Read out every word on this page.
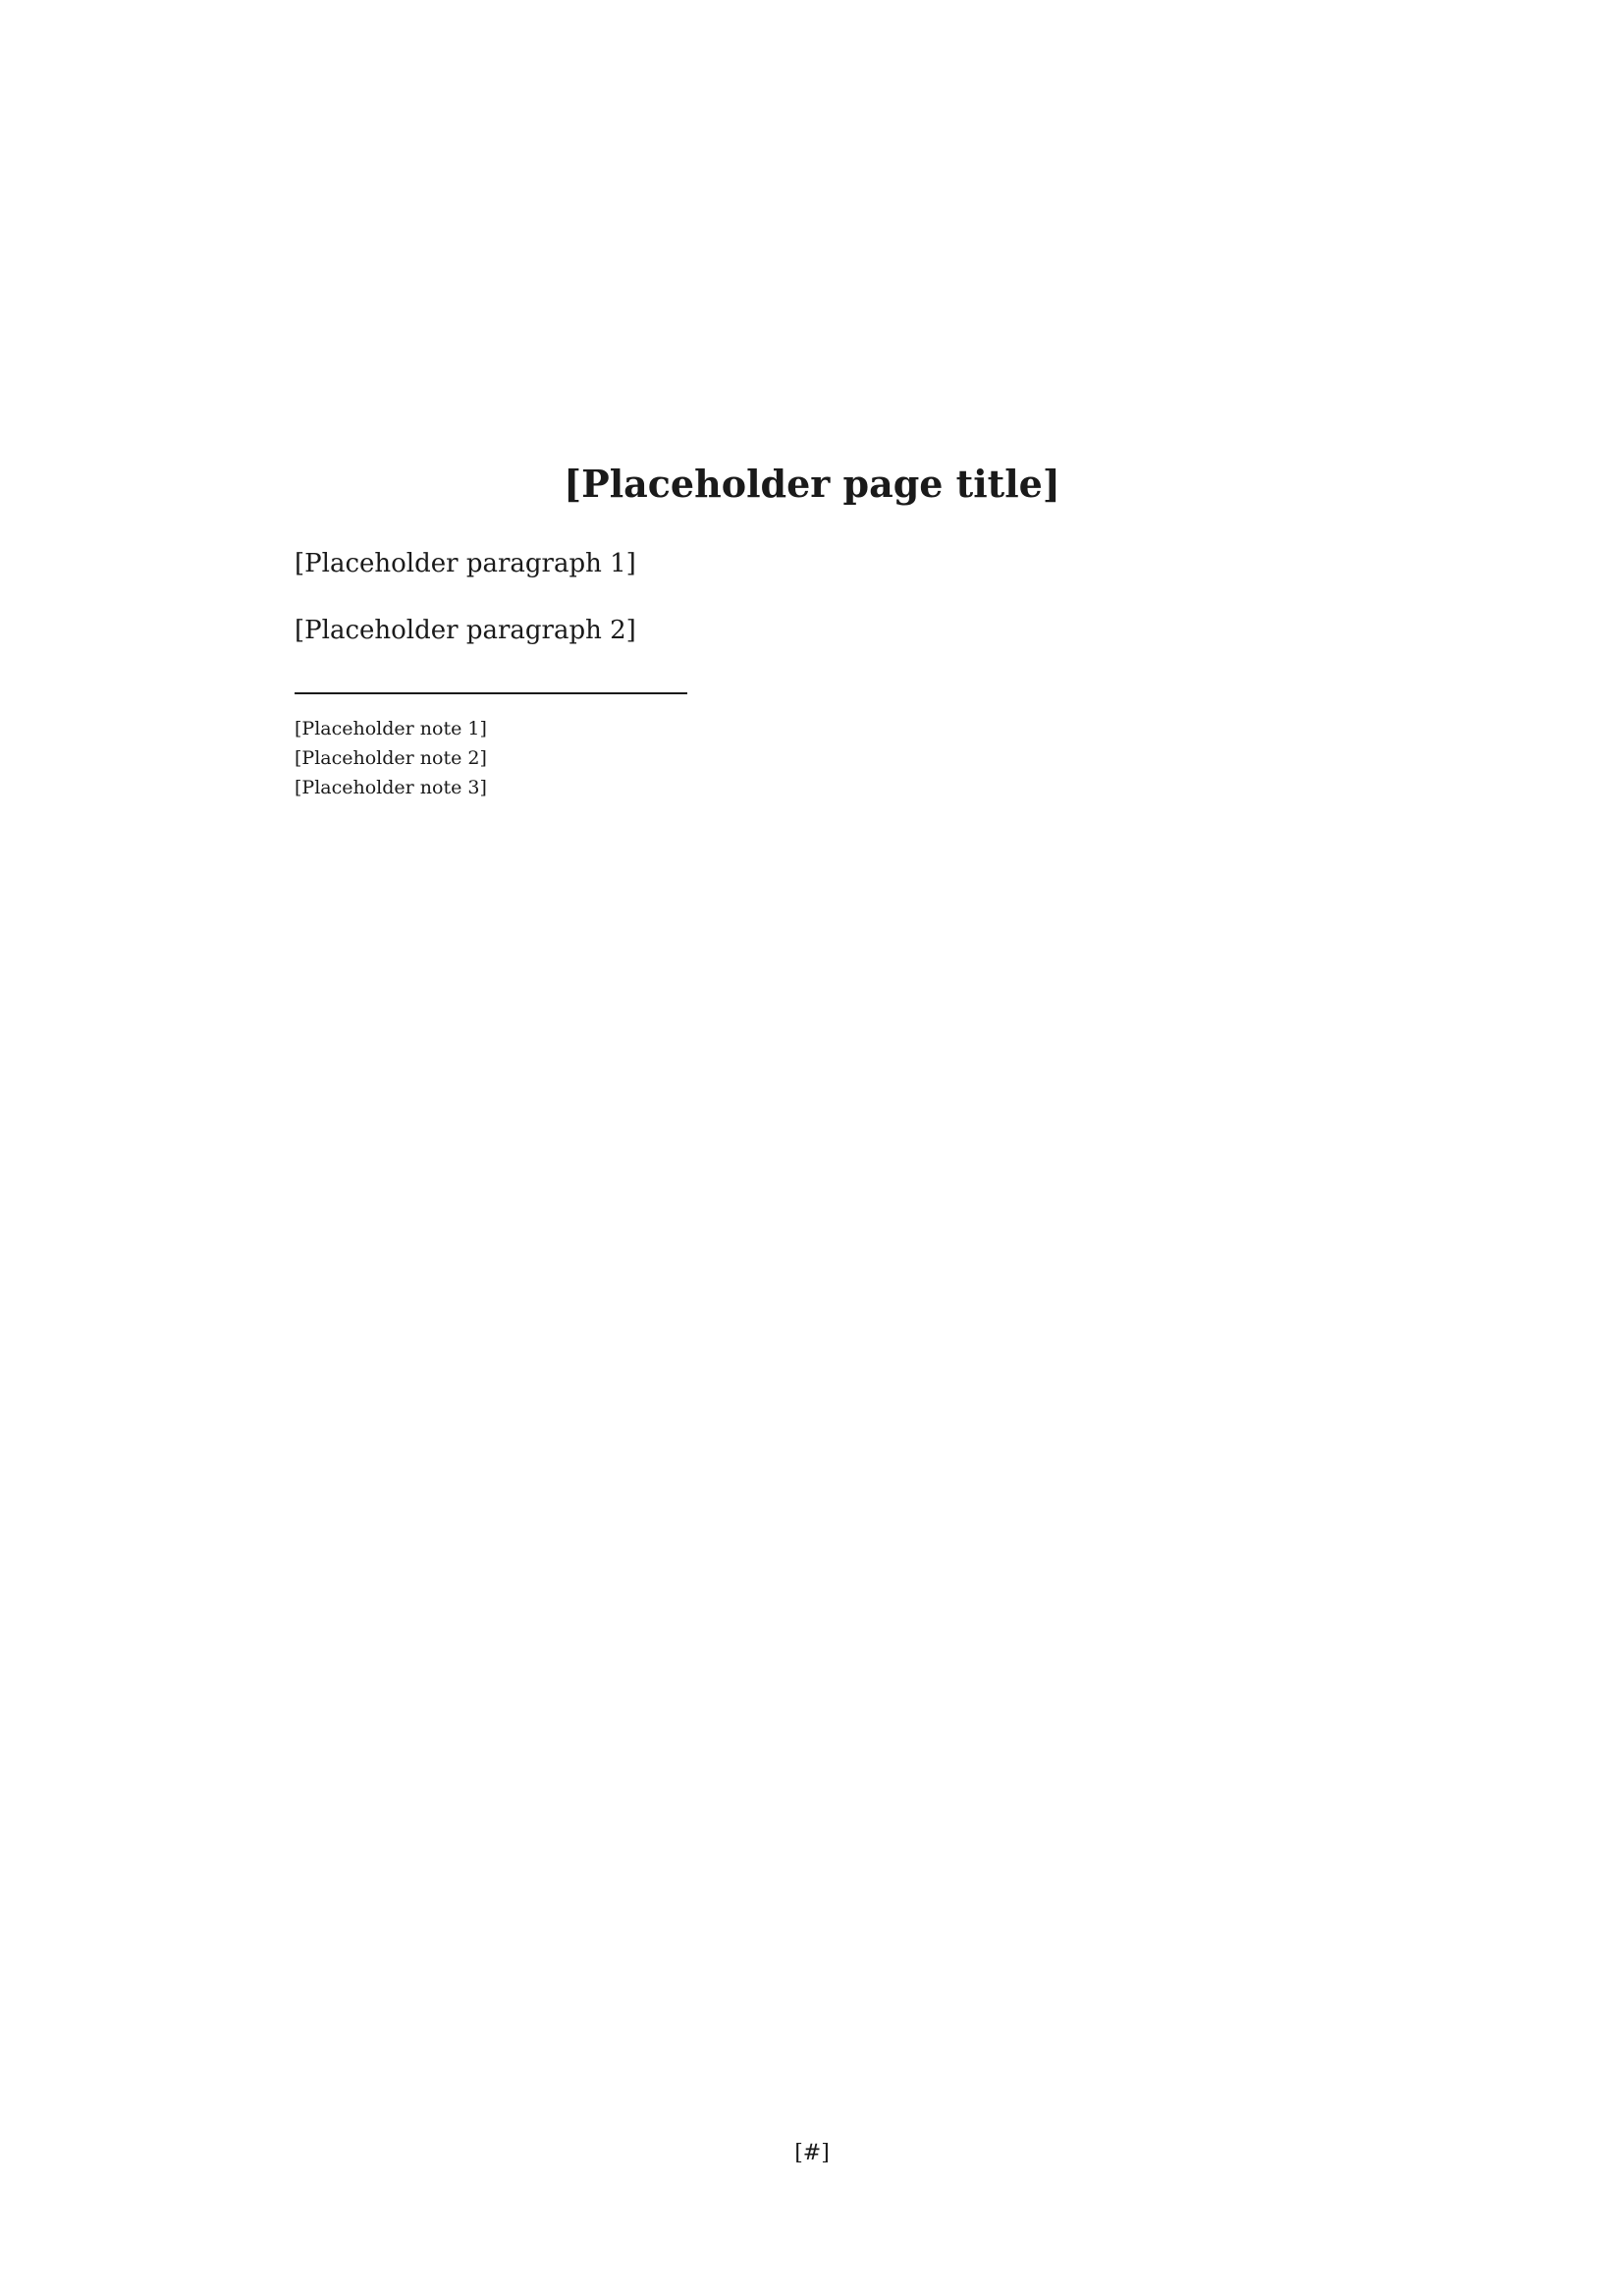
[Placeholder page title]

[Placeholder paragraph 1]

[Placeholder paragraph 2]

[Placeholder note 1]
[Placeholder note 2]
[Placeholder note 3]
[#]
